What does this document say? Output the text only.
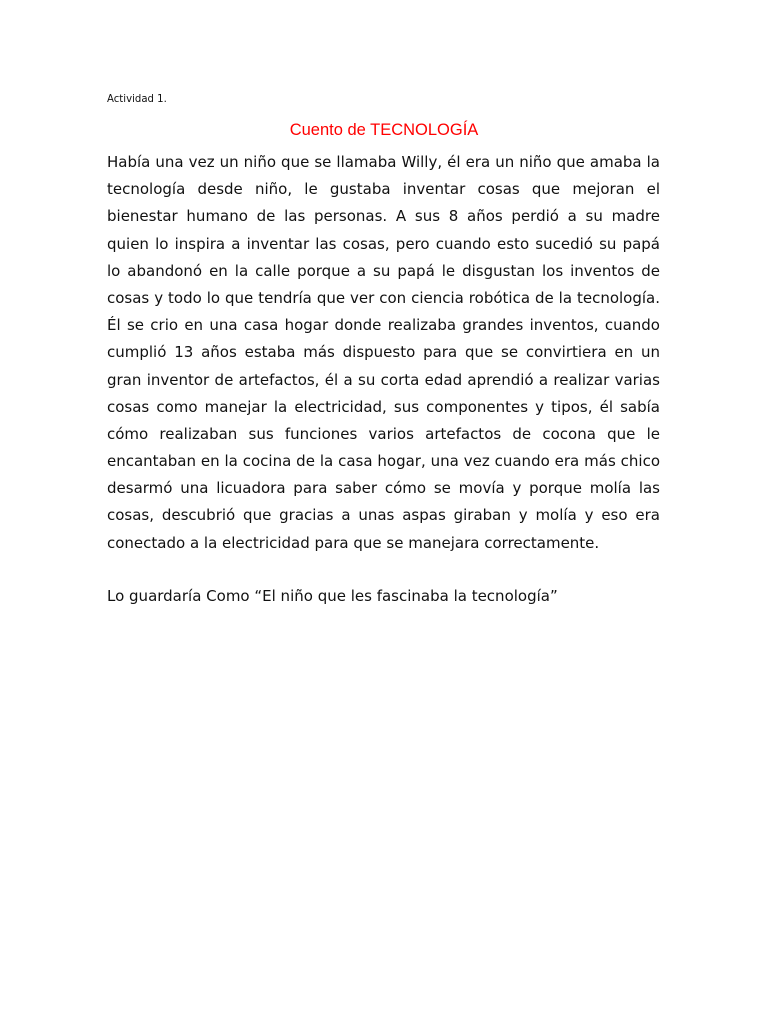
Actividad 1.
Cuento de TECNOLOGÍA
Había una vez un niño que se llamaba Willy, él era un niño que amaba la
tecnología desde niño, le gustaba inventar cosas que mejoran el
bienestar humano de las personas. A sus 8 años perdió a su madre
quien lo inspira a inventar las cosas, pero cuando esto sucedió su papá
lo abandonó en la calle porque a su papá le disgustan los inventos de
cosas y todo lo que tendría que ver con ciencia robótica de la tecnología.
Él se crio en una casa hogar donde realizaba grandes inventos, cuando
cumplió 13 años estaba más dispuesto para que se convirtiera en un
gran inventor de artefactos, él a su corta edad aprendió a realizar varias
cosas como manejar la electricidad, sus componentes y tipos, él sabía
cómo realizaban sus funciones varios artefactos de cocona que le
encantaban en la cocina de la casa hogar, una vez cuando era más chico
desarmó una licuadora para saber cómo se movía y porque molía las
cosas, descubrió que gracias a unas aspas giraban y molía y eso era
conectado a la electricidad para que se manejara correctamente.
Lo guardaría Como “El niño que les fascinaba la tecnología”
